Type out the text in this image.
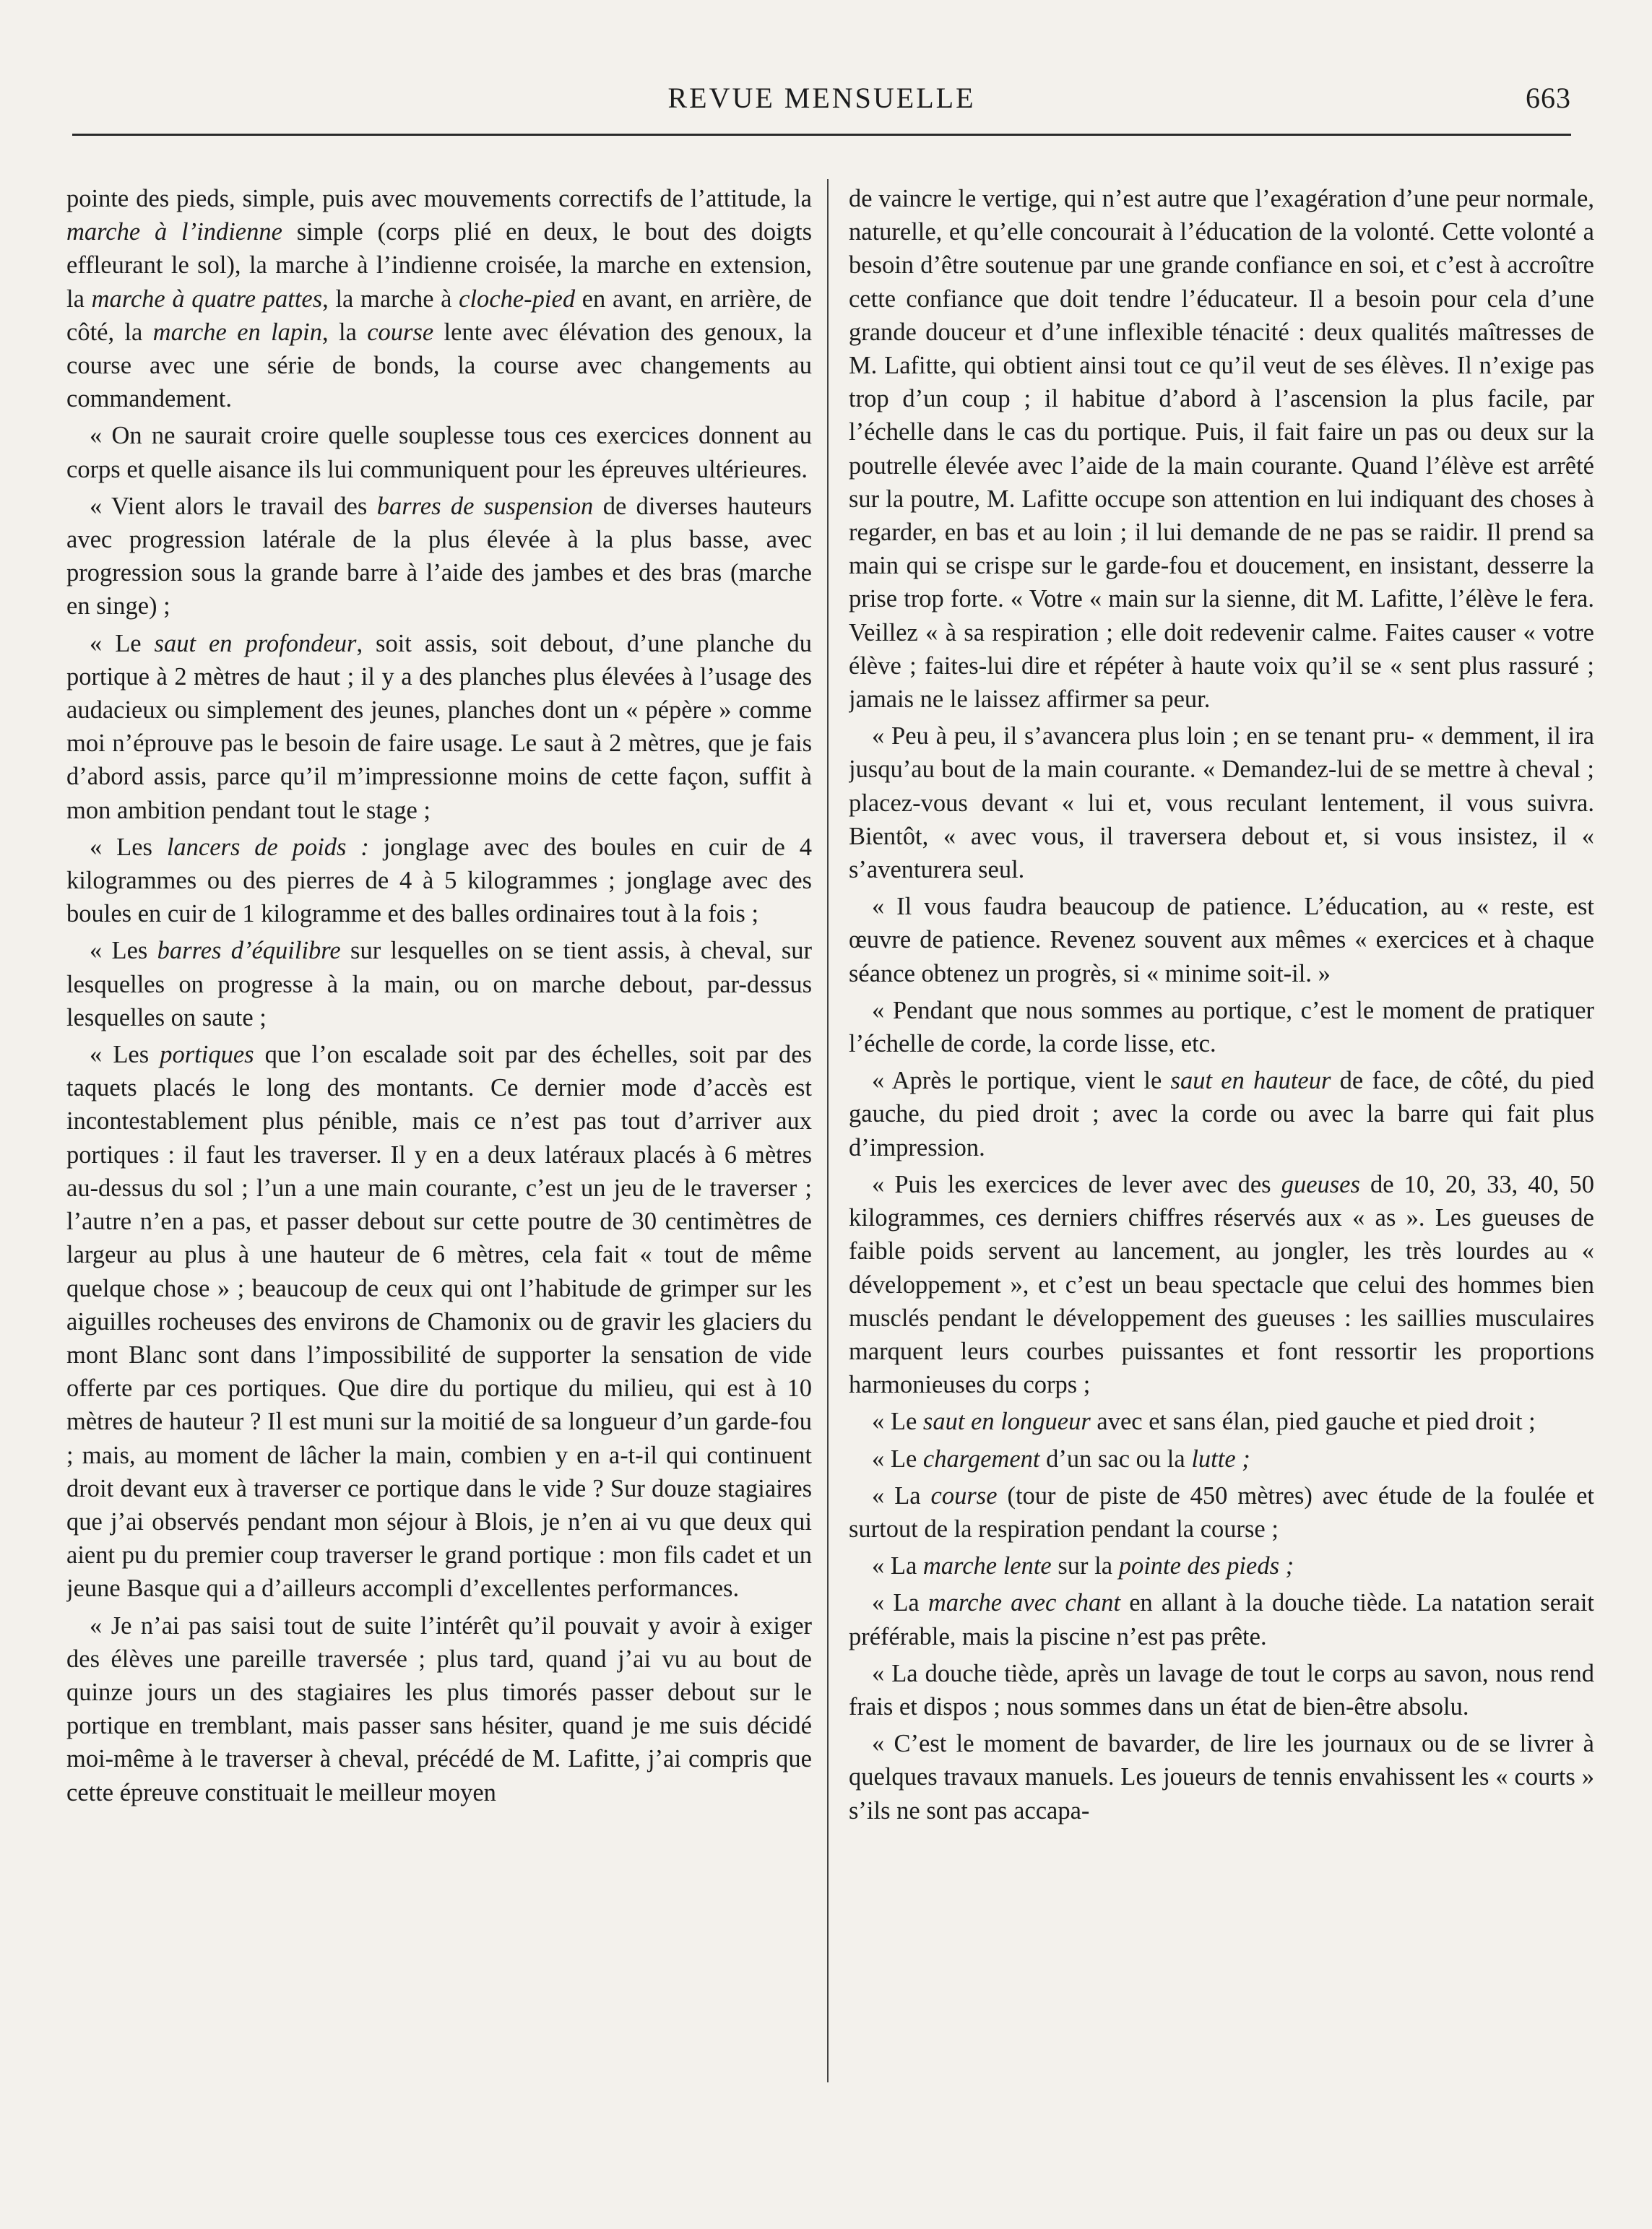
REVUE MENSUELLE	663

pointe des pieds, simple, puis avec mouvements correctifs de l’attitude, la marche à l’indienne simple (corps plié en deux, le bout des doigts effleurant le sol), la marche à l’indienne croisée, la marche en extension, la marche à quatre pattes, la marche à cloche-pied en avant, en arrière, de côté, la marche en lapin, la course lente avec élévation des genoux, la course avec une série de bonds, la course avec changements au commandement.

« On ne saurait croire quelle souplesse tous ces exercices donnent au corps et quelle aisance ils lui communiquent pour les épreuves ultérieures.

« Vient alors le travail des barres de suspension de diverses hauteurs avec progression latérale de la plus élevée à la plus basse, avec progression sous la grande barre à l’aide des jambes et des bras (marche en singe) ;

« Le saut en profondeur, soit assis, soit debout, d’une planche du portique à 2 mètres de haut ; il y a des planches plus élevées à l’usage des audacieux ou simplement des jeunes, planches dont un « pépère » comme moi n’éprouve pas le besoin de faire usage. Le saut à 2 mètres, que je fais d’abord assis, parce qu’il m’impressionne moins de cette façon, suffit à mon ambition pendant tout le stage ;

« Les lancers de poids : jonglage avec des boules en cuir de 4 kilogrammes ou des pierres de 4 à 5 kilogrammes ; jonglage avec des boules en cuir de 1 kilogramme et des balles ordinaires tout à la fois ;

« Les barres d’équilibre sur lesquelles on se tient assis, à cheval, sur lesquelles on progresse à la main, ou on marche debout, par-dessus lesquelles on saute ;

« Les portiques que l’on escalade soit par des échelles, soit par des taquets placés le long des montants. Ce dernier mode d’accès est incontestablement plus pénible, mais ce n’est pas tout d’arriver aux portiques : il faut les traverser. Il y en a deux latéraux placés à 6 mètres au-dessus du sol ; l’un a une main courante, c’est un jeu de le traverser ; l’autre n’en a pas, et passer debout sur cette poutre de 30 centimètres de largeur au plus à une hauteur de 6 mètres, cela fait « tout de même quelque chose » ; beaucoup de ceux qui ont l’habitude de grimper sur les aiguilles rocheuses des environs de Chamonix ou de gravir les glaciers du mont Blanc sont dans l’impossibilité de supporter la sensation de vide offerte par ces portiques. Que dire du portique du milieu, qui est à 10 mètres de hauteur ? Il est muni sur la moitié de sa longueur d’un garde-fou ; mais, au moment de lâcher la main, combien y en a-t-il qui continuent droit devant eux à traverser ce portique dans le vide ? Sur douze stagiaires que j’ai observés pendant mon séjour à Blois, je n’en ai vu que deux qui aient pu du premier coup traverser le grand portique : mon fils cadet et un jeune Basque qui a d’ailleurs accompli d’excellentes performances.

« Je n’ai pas saisi tout de suite l’intérêt qu’il pouvait y avoir à exiger des élèves une pareille traversée ; plus tard, quand j’ai vu au bout de quinze jours un des stagiaires les plus timorés passer debout sur le portique en tremblant, mais passer sans hésiter, quand je me suis décidé moi-même à le traverser à cheval, précédé de M. Lafitte, j’ai compris que cette épreuve constituait le meilleur moyen

de vaincre le vertige, qui n’est autre que l’exagération d’une peur normale, naturelle, et qu’elle concourait à l’éducation de la volonté. Cette volonté a besoin d’être soutenue par une grande confiance en soi, et c’est à accroître cette confiance que doit tendre l’éducateur. Il a besoin pour cela d’une grande douceur et d’une inflexible ténacité : deux qualités maîtresses de M. Lafitte, qui obtient ainsi tout ce qu’il veut de ses élèves. Il n’exige pas trop d’un coup ; il habitue d’abord à l’ascension la plus facile, par l’échelle dans le cas du portique. Puis, il fait faire un pas ou deux sur la poutrelle élevée avec l’aide de la main courante. Quand l’élève est arrêté sur la poutre, M. Lafitte occupe son attention en lui indiquant des choses à regarder, en bas et au loin ; il lui demande de ne pas se raidir. Il prend sa main qui se crispe sur le garde-fou et doucement, en insistant, desserre la prise trop forte. « Votre « main sur la sienne, dit M. Lafitte, l’élève le fera. Veillez « à sa respiration ; elle doit redevenir calme. Faites causer « votre élève ; faites-lui dire et répéter à haute voix qu’il se « sent plus rassuré ; jamais ne le laissez affirmer sa peur.

« Peu à peu, il s’avancera plus loin ; en se tenant pru- « demment, il ira jusqu’au bout de la main courante. « Demandez-lui de se mettre à cheval ; placez-vous devant « lui et, vous reculant lentement, il vous suivra. Bientôt, « avec vous, il traversera debout et, si vous insistez, il « s’aventurera seul.

« Il vous faudra beaucoup de patience. L’éducation, au « reste, est œuvre de patience. Revenez souvent aux mêmes « exercices et à chaque séance obtenez un progrès, si « minime soit-il. »

« Pendant que nous sommes au portique, c’est le moment de pratiquer l’échelle de corde, la corde lisse, etc.

« Après le portique, vient le saut en hauteur de face, de côté, du pied gauche, du pied droit ; avec la corde ou avec la barre qui fait plus d’impression.

« Puis les exercices de lever avec des gueuses de 10, 20, 33, 40, 50 kilogrammes, ces derniers chiffres réservés aux « as ». Les gueuses de faible poids servent au lancement, au jongler, les très lourdes au « développement », et c’est un beau spectacle que celui des hommes bien musclés pendant le développement des gueuses : les saillies musculaires marquent leurs courbes puissantes et font ressortir les proportions harmonieuses du corps ;

« Le saut en longueur avec et sans élan, pied gauche et pied droit ;

« Le chargement d’un sac ou la lutte ;

« La course (tour de piste de 450 mètres) avec étude de la foulée et surtout de la respiration pendant la course ;

« La marche lente sur la pointe des pieds ;

« La marche avec chant en allant à la douche tiède. La natation serait préférable, mais la piscine n’est pas prête.

« La douche tiède, après un lavage de tout le corps au savon, nous rend frais et dispos ; nous sommes dans un état de bien-être absolu.

« C’est le moment de bavarder, de lire les journaux ou de se livrer à quelques travaux manuels. Les joueurs de tennis envahissent les « courts » s’ils ne sont pas accapa-
